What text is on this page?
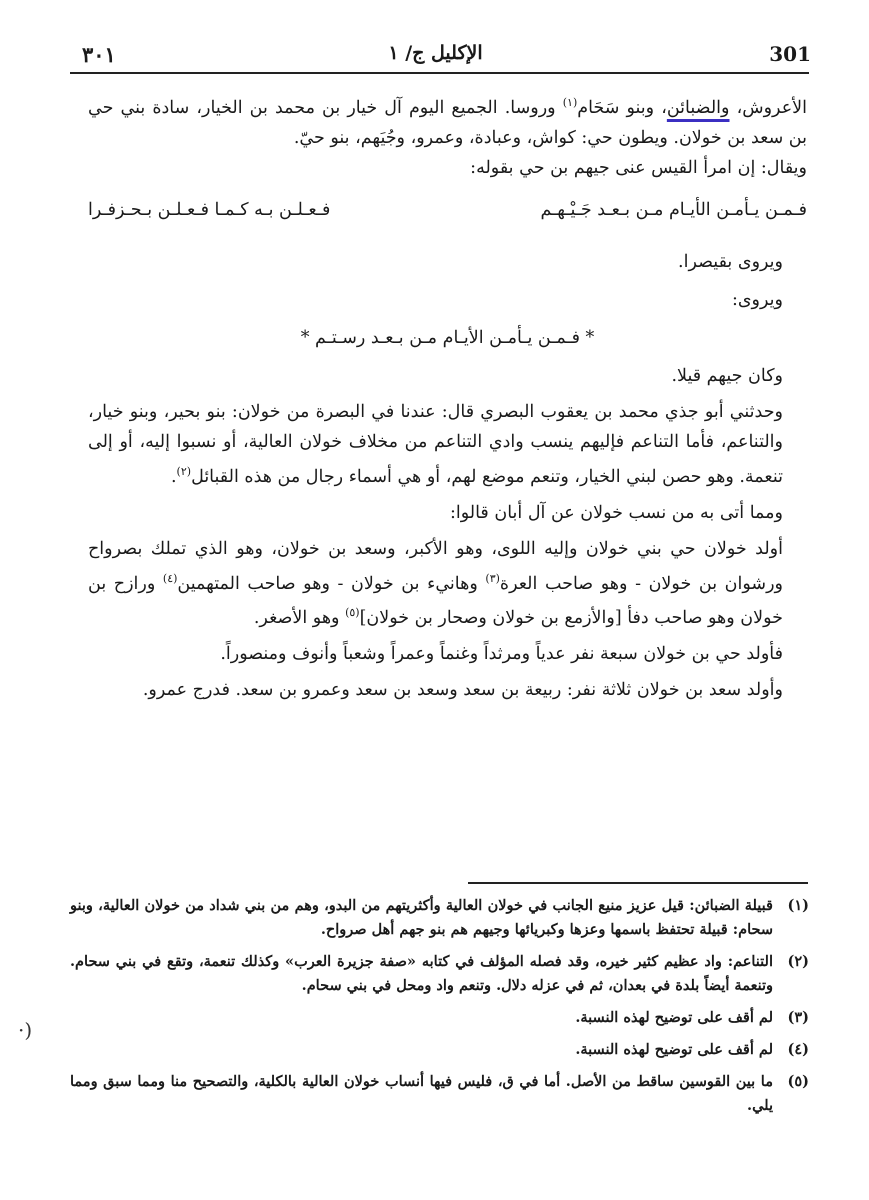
٣٠١	الإكليل ج/ ١	301

الأعروش، والضبائن، وبنو سَحَام$^{(١)}$ وروسا. الجميع اليوم آل خيار بن محمد بن الخيار، سادة بني حي بن سعد بن خولان. ويطون حي: كواش، وعبادة، وعمرو، وجُيَهم، بنو حيّ.

ويقال: إن امرأ القيس عنى جيهم بن حي بقوله:

فـمـن يـأمـن الأيـام مـن بـعـد جَـيْـهـم
فـعـلـن بـه كـمـا فـعـلـن بـحـزفـرا

ويروى بقيصرا.

ويروى:

* فـمـن يـأمـن الأيـام مـن بـعـد رسـتـم *

وكان جيهم قيلا.

وحدثني أبو جذي محمد بن يعقوب البصري قال: عندنا في البصرة من خولان: بنو بحير، وبنو خيار، والتناعم، فأما التناعم فإليهم ينسب وادي التناعم من مخلاف خولان العالية، أو نسبوا إليه، أو إلى تنعمة. وهو حصن لبني الخيار، وتنعم موضع لهم، أو هي أسماء رجال من هذه القبائل$^{(٢)}$.

ومما أتى به من نسب خولان عن آل أبان قالوا:

أولد خولان حي بني خولان وإليه اللوى، وهو الأكبر، وسعد بن خولان، وهو الذي تملك بصرواح ورشوان بن خولان - وهو صاحب العرة$^{(٣)}$ وهانيء بن خولان - وهو صاحب المتهمين$^{(٤)}$ ورازح بن خولان وهو صاحب دفأ [والأزمع بن خولان وصحار بن خولان]$^{(٥)}$ وهو الأصغر.

فأولد حي بن خولان سبعة نفر عدياً ومرثداً وغنماً وعمراً وشعباً وأنوف ومنصوراً.

وأولد سعد بن خولان ثلاثة نفر: ربيعة بن سعد وسعد بن سعد وعمرو بن سعد. فدرج عمرو.

(١)
قبيلة الضبائن: قيل عزيز منيع الجانب في خولان العالية وأكثريتهم من البدو، وهم من بني شداد من خولان العالية، وبنو سحام: قبيلة تحتفظ باسمها وعزها وكبريائها وجيهم هم بنو جهم أهل صرواح.
(٢)
التناعم: واد عظيم كثير خيره، وقد فصله المؤلف في كتابه «صفة جزيرة العرب» وكذلك تنعمة، وتقع في بني سحام. وتنعمة أيضاً بلدة في بعدان، ثم في عزله دلال. وتنعم واد ومحل في بني سحام.
(٣)
لم أقف على توضيح لهذه النسبة.
(٤)
لم أقف على توضيح لهذه النسبة.
(٥)
ما بين القوسين ساقط من الأصل. أما في ق، فليس فيها أنساب خولان العالية بالكلية، والتصحيح منا ومما سبق ومما يلي.
·)
